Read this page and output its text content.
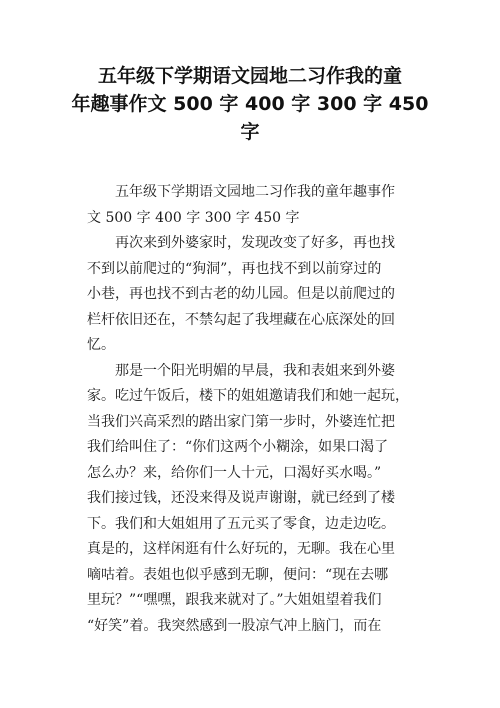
五年级下学期语文园地二习作我的童
年趣事作文 500 字 400 字 300 字 450
字
五年级下学期语文园地二习作我的童年趣事作
文 500 字 400 字 300 字 450 字
再次来到外婆家时，发现改变了好多，再也找
不到以前爬过的“狗洞”，再也找不到以前穿过的
小巷，再也找不到古老的幼儿园。但是以前爬过的
栏杆依旧还在，不禁勾起了我埋藏在心底深处的回
忆。
那是一个阳光明媚的早晨，我和表姐来到外婆
家。吃过午饭后，楼下的姐姐邀请我们和她一起玩，
当我们兴高采烈的踏出家门第一步时，外婆连忙把
我们给叫住了：“你们这两个小糊涂，如果口渴了
怎么办？来，给你们一人十元，口渴好买水喝。”
我们接过钱，还没来得及说声谢谢，就已经到了楼
下。我们和大姐姐用了五元买了零食，边走边吃。
真是的，这样闲逛有什么好玩的，无聊。我在心里
嘀咕着。表姐也似乎感到无聊，便问：“现在去哪
里玩？”“嘿嘿，跟我来就对了。”大姐姐望着我们
“好笑”着。我突然感到一股凉气冲上脑门，而在
